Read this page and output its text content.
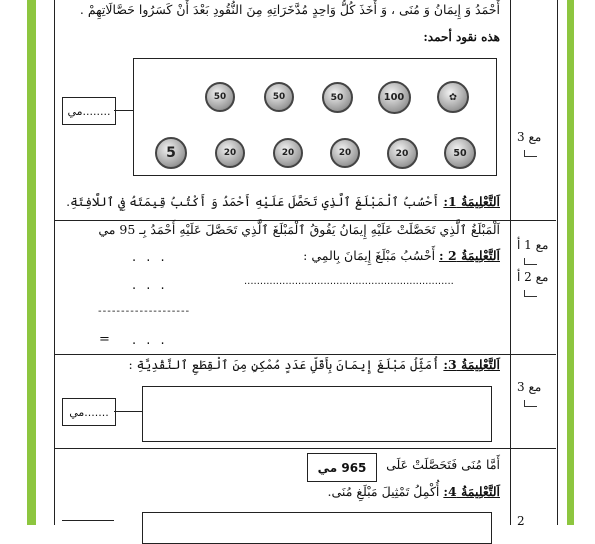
أَحْمَدُ وَ إِيمَانُ وَ مُنَى ، وَ أَخَذَ كُلُّ وَاحِدٍ مُدَّخَرَاتِهِ مِنَ النُّقُودِ بَعْدَ أَنْ كَسَرُوا حَصَّالَاتِهِمْ .
هذه نقود أحمد:
50	50	50	100	✿
5	20	20	20	20	50
........مي
اَلتَّعْلِيمَةُ 1: أَحْسُبُ ٱلْمَبْلَغَ ٱلَّذِي تَحَصَّلَ عَلَيْهِ أَحْمَدُ وَ أَكْتُبُ قِيمَتَهُ فِي ٱللَّافِتَةِ.
مع 3
اَلْمَبْلَغُ ٱلَّذِي تَحَصَّلَتْ عَلَيْهِ إِيمَانُ يَفُوقُ ٱلْمَبْلَغَ ٱلَّذِي تَحَصَّلَ عَلَيْهِ أَحْمَدُ بِـ 95 مي
اَلتَّعْلِيمَةُ 2 : أَحْسُبُ مَبْلَغَ إِيمَانَ بِالمِي :
. . .
. . .	..................................................................
--------------------
= . . .
مع 1 أ
مع 2 أ
اَلتَّعْلِيمَةُ 3: أُمَثِّلُ مَبْلَغَ إِيمَانَ بِأَقَلِّ عَدَدٍ مُمْكِنٍ مِنَ ٱلْقِطَعِ ٱلنَّقْدِيَّةِ :
.......مي
مع 3
أَمَّا مُنَى فَتَحَصَّلَتْ عَلَى
965 مي
اَلتَّعْلِيمَةُ 4: أُكْمِلُ تَمْثِيلَ مَبْلَغِ مُنَى.
2
